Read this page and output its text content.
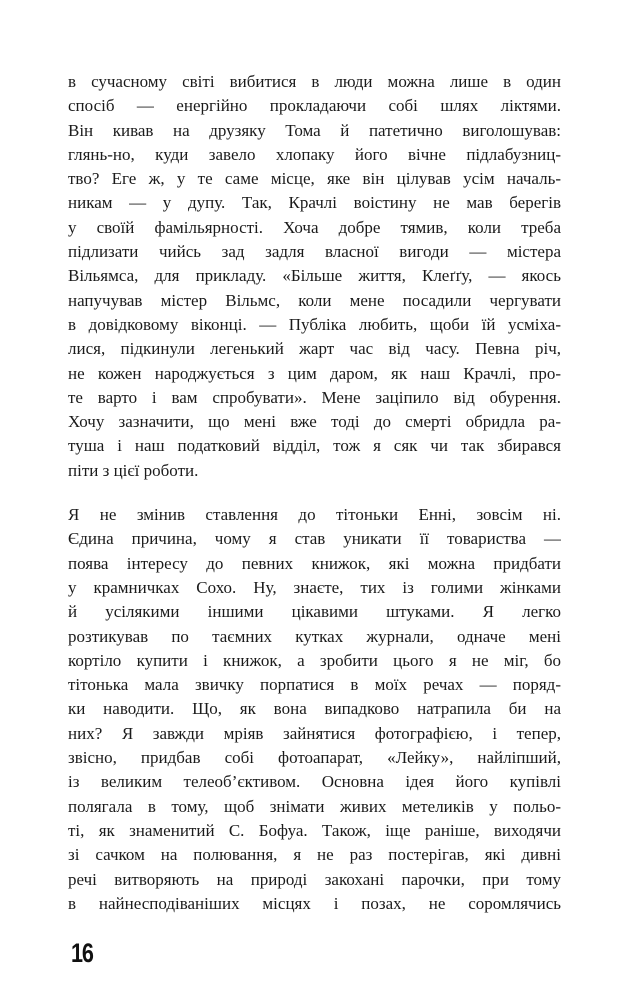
в сучасному світі вибитися в люди можна лише в один
спосіб — енергійно прокладаючи собі шлях ліктями.
Він кивав на друзяку Тома й патетично виголошував:
глянь-но, куди завело хлопаку його вічне підлабузниц-
тво? Еге ж, у те саме місце, яке він цілував усім началь-
никам — у дупу. Так, Крачлі воістину не мав берегів
у своїй фамільярності. Хоча добре тямив, коли треба
підлизати чийсь зад задля власної вигоди — містера
Вільямса, для прикладу. «Більше життя, Клеґґу, — якось
напучував містер Вільмс, коли мене посадили чергувати
в довідковому віконці. — Публіка любить, щоби їй усміха-
лися, підкинули легенький жарт час від часу. Певна річ,
не кожен народжується з цим даром, як наш Крачлі, про-
те варто і вам спробувати». Мене заціпило від обурення.
Хочу зазначити, що мені вже тоді до смерті обридла ра-
туша і наш податковий відділ, тож я сяк чи так збирався
піти з цієї роботи.
Я не змінив ставлення до тітоньки Енні, зовсім ні.
Єдина причина, чому я став уникати її товариства —
поява інтересу до певних книжок, які можна придбати
у крамничках Сохо. Ну, знаєте, тих із голими жінками
й усілякими іншими цікавими штуками. Я легко
розтикував по таємних кутках журнали, одначе мені
кортіло купити і книжок, а зробити цього я не міг, бо
тітонька мала звичку порпатися в моїх речах — поряд-
ки наводити. Що, як вона випадково натрапила би на
них? Я завжди мріяв зайнятися фотографією, і тепер,
звісно, придбав собі фотоапарат, «Лейку», найліпший,
із великим телеоб’єктивом. Основна ідея його купівлі
полягала в тому, щоб знімати живих метеликів у польо-
ті, як знаменитий С. Бофуа. Також, іще раніше, виходячи
зі сачком на полювання, я не раз постерігав, які дивні
речі витворяють на природі закохані парочки, при тому
в найнесподіваніших місцях і позах, не соромлячись
16
